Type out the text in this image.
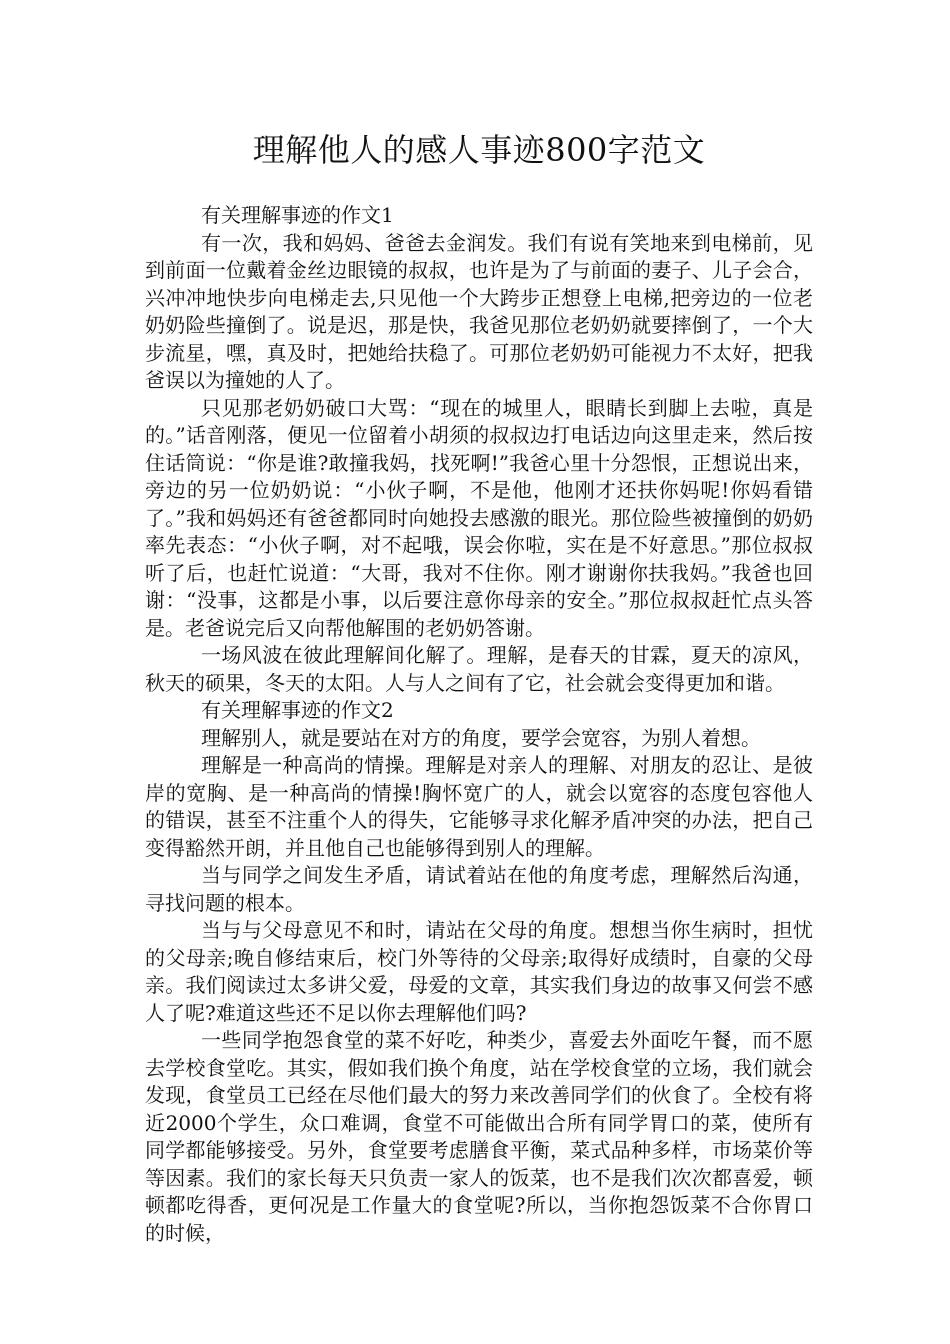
理解他人的感人事迹800字范文

有关理解事迹的作文1

有一次，我和妈妈、爸爸去金润发。我们有说有笑地来到电梯前，见到前面一位戴着金丝边眼镜的叔叔，也许是为了与前面的妻子、儿子会合，兴冲冲地快步向电梯走去,只见他一个大跨步正想登上电梯,把旁边的一位老奶奶险些撞倒了。说是迟，那是快，我爸见那位老奶奶就要摔倒了，一个大步流星，嘿，真及时，把她给扶稳了。可那位老奶奶可能视力不太好，把我爸误以为撞她的人了。

只见那老奶奶破口大骂：“现在的城里人，眼睛长到脚上去啦，真是的。”话音刚落，便见一位留着小胡须的叔叔边打电话边向这里走来，然后按住话筒说：“你是谁?敢撞我妈，找死啊!”我爸心里十分怨恨，正想说出来，旁边的另一位奶奶说：“小伙子啊，不是他，他刚才还扶你妈呢!你妈看错了。”我和妈妈还有爸爸都同时向她投去感激的眼光。那位险些被撞倒的奶奶率先表态：“小伙子啊，对不起哦，误会你啦，实在是不好意思。”那位叔叔听了后，也赶忙说道：“大哥，我对不住你。刚才谢谢你扶我妈。”我爸也回谢：“没事，这都是小事，以后要注意你母亲的安全。”那位叔叔赶忙点头答是。老爸说完后又向帮他解围的老奶奶答谢。

一场风波在彼此理解间化解了。理解，是春天的甘霖，夏天的凉风，秋天的硕果，冬天的太阳。人与人之间有了它，社会就会变得更加和谐。

有关理解事迹的作文2

理解别人，就是要站在对方的角度，要学会宽容，为别人着想。

理解是一种高尚的情操。理解是对亲人的理解、对朋友的忍让、是彼岸的宽胸、是一种高尚的情操!胸怀宽广的人，就会以宽容的态度包容他人的错误，甚至不注重个人的得失，它能够寻求化解矛盾冲突的办法，把自己变得豁然开朗，并且他自己也能够得到别人的理解。

当与同学之间发生矛盾，请试着站在他的角度考虑，理解然后沟通，寻找问题的根本。

当与与父母意见不和时，请站在父母的角度。想想当你生病时，担忧的父母亲;晚自修结束后，校门外等待的父母亲;取得好成绩时，自豪的父母亲。我们阅读过太多讲父爱，母爱的文章，其实我们身边的故事又何尝不感人了呢?难道这些还不足以你去理解他们吗?

一些同学抱怨食堂的菜不好吃，种类少，喜爱去外面吃午餐，而不愿去学校食堂吃。其实，假如我们换个角度，站在学校食堂的立场，我们就会发现，食堂员工已经在尽他们最大的努力来改善同学们的伙食了。全校有将近2000个学生，众口难调，食堂不可能做出合所有同学胃口的菜，使所有同学都能够接受。另外，食堂要考虑膳食平衡，菜式品种多样，市场菜价等等因素。我们的家长每天只负责一家人的饭菜，也不是我们次次都喜爱，顿顿都吃得香，更何况是工作量大的食堂呢?所以，当你抱怨饭菜不合你胃口的时候，
